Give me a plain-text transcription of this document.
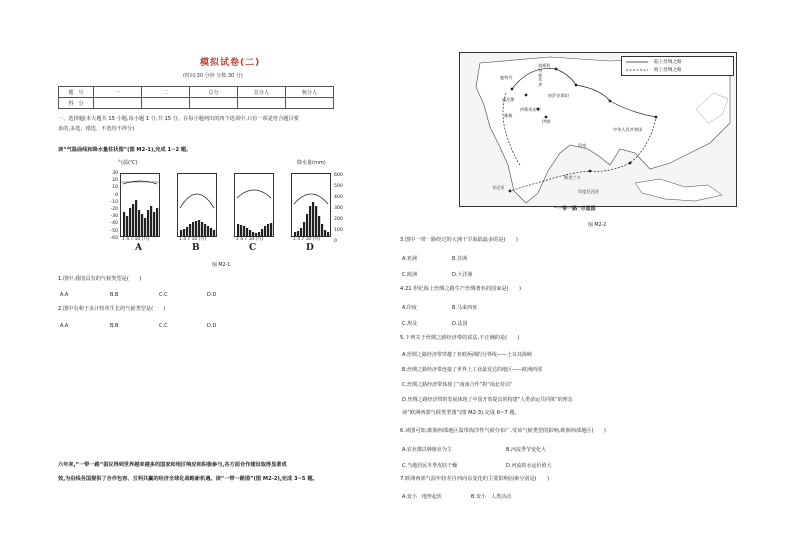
模拟试卷(二)
(时间:30 分钟 分数:30 分)
题　号	一	二	总分	总分人	核分人
得　分					
一、选择题(本大题共 15 小题,每小题 1 分,共 15 分。在每小题列出的四个选项中,只有一项是符合题目要
求的,多选、错选、不选均不得分)
读“气温曲线和降水量柱状图”(图 M2-1),完成 1~2 题。
气温(℃)	降水量(mm)
30
20
10
0
-10
-20
-30
-40
-50
-60
600
500
400
300
200
100
0
A	B	C	D
1 4 7 10 (月)	1 4 7 10 (月)	1 4 7 10 (月)	1 4 7 10 (月)
图 M2-1
1.图中,我国具有的气候类型是(　　)
A.A	B.B	C.C	D.D
2.图中有利于多汁牧草生长的气候类型是(　　)
A.A	B.B	C.C	D.D
六年来,“一带一路”倡议得到世界越来越多的国家和地区响应和积极参与,各方面合作建设取得显著成
效,为沿线各国提供了合作包容、互利共赢的经济全球化战略新机遇。读“一带一路图”(图 M2-2),完成 3~5 题。
莫斯科
鹿特丹
乌鲁木齐
哈萨克斯坦
威尼斯
伊斯坦布尔
雅典
伊朗
中华人民共和国
印度
斯里兰卡
肯尼亚
印度尼西亚
陆上丝绸之路
海上丝绸之路
“一带一路”示意图
图 M2-2
3.图中一带一路经过的大洲干旱海陆最多的是(　　)
A.亚洲	B.非洲
C.欧洲	D.大洋洲
4.21 世纪海上丝绸之路生产丝绸著名的国家是(　　)
A.印度	B.马来西亚
C.埃及	D.法国
5.下列关于丝绸之路经济带的说法,不正确的是(　　)
A.丝绸之路经济带穿越了亚欧两洲的分界线——土耳其海峡
B.丝绸之路经济带连接了世界上工业最发达的地区——欧洲西部
C.丝绸之路经济带体现了“南南合作”和“南北对话”
D.丝绸之路经济带的发展体现了中国开放提出的构建“人类命运共同体”的理念
读“欧洲西部气候类型图”(图 M2-3),完成 6~7 题。
6.读图可知,欧洲西部地区温带海洋性气候分布广,受该气候类型的影响,欧洲西部地区(　　)
A.农业都以种植业为主	B.河流季节变化大
C.当地居民冬季皮肤干燥	D.河流的水运价值大
7.欧洲西部气温年较差自西向东变化的主要影响因素分别是(　　)
A.变小　地势起伏	B.变小　人类活动
